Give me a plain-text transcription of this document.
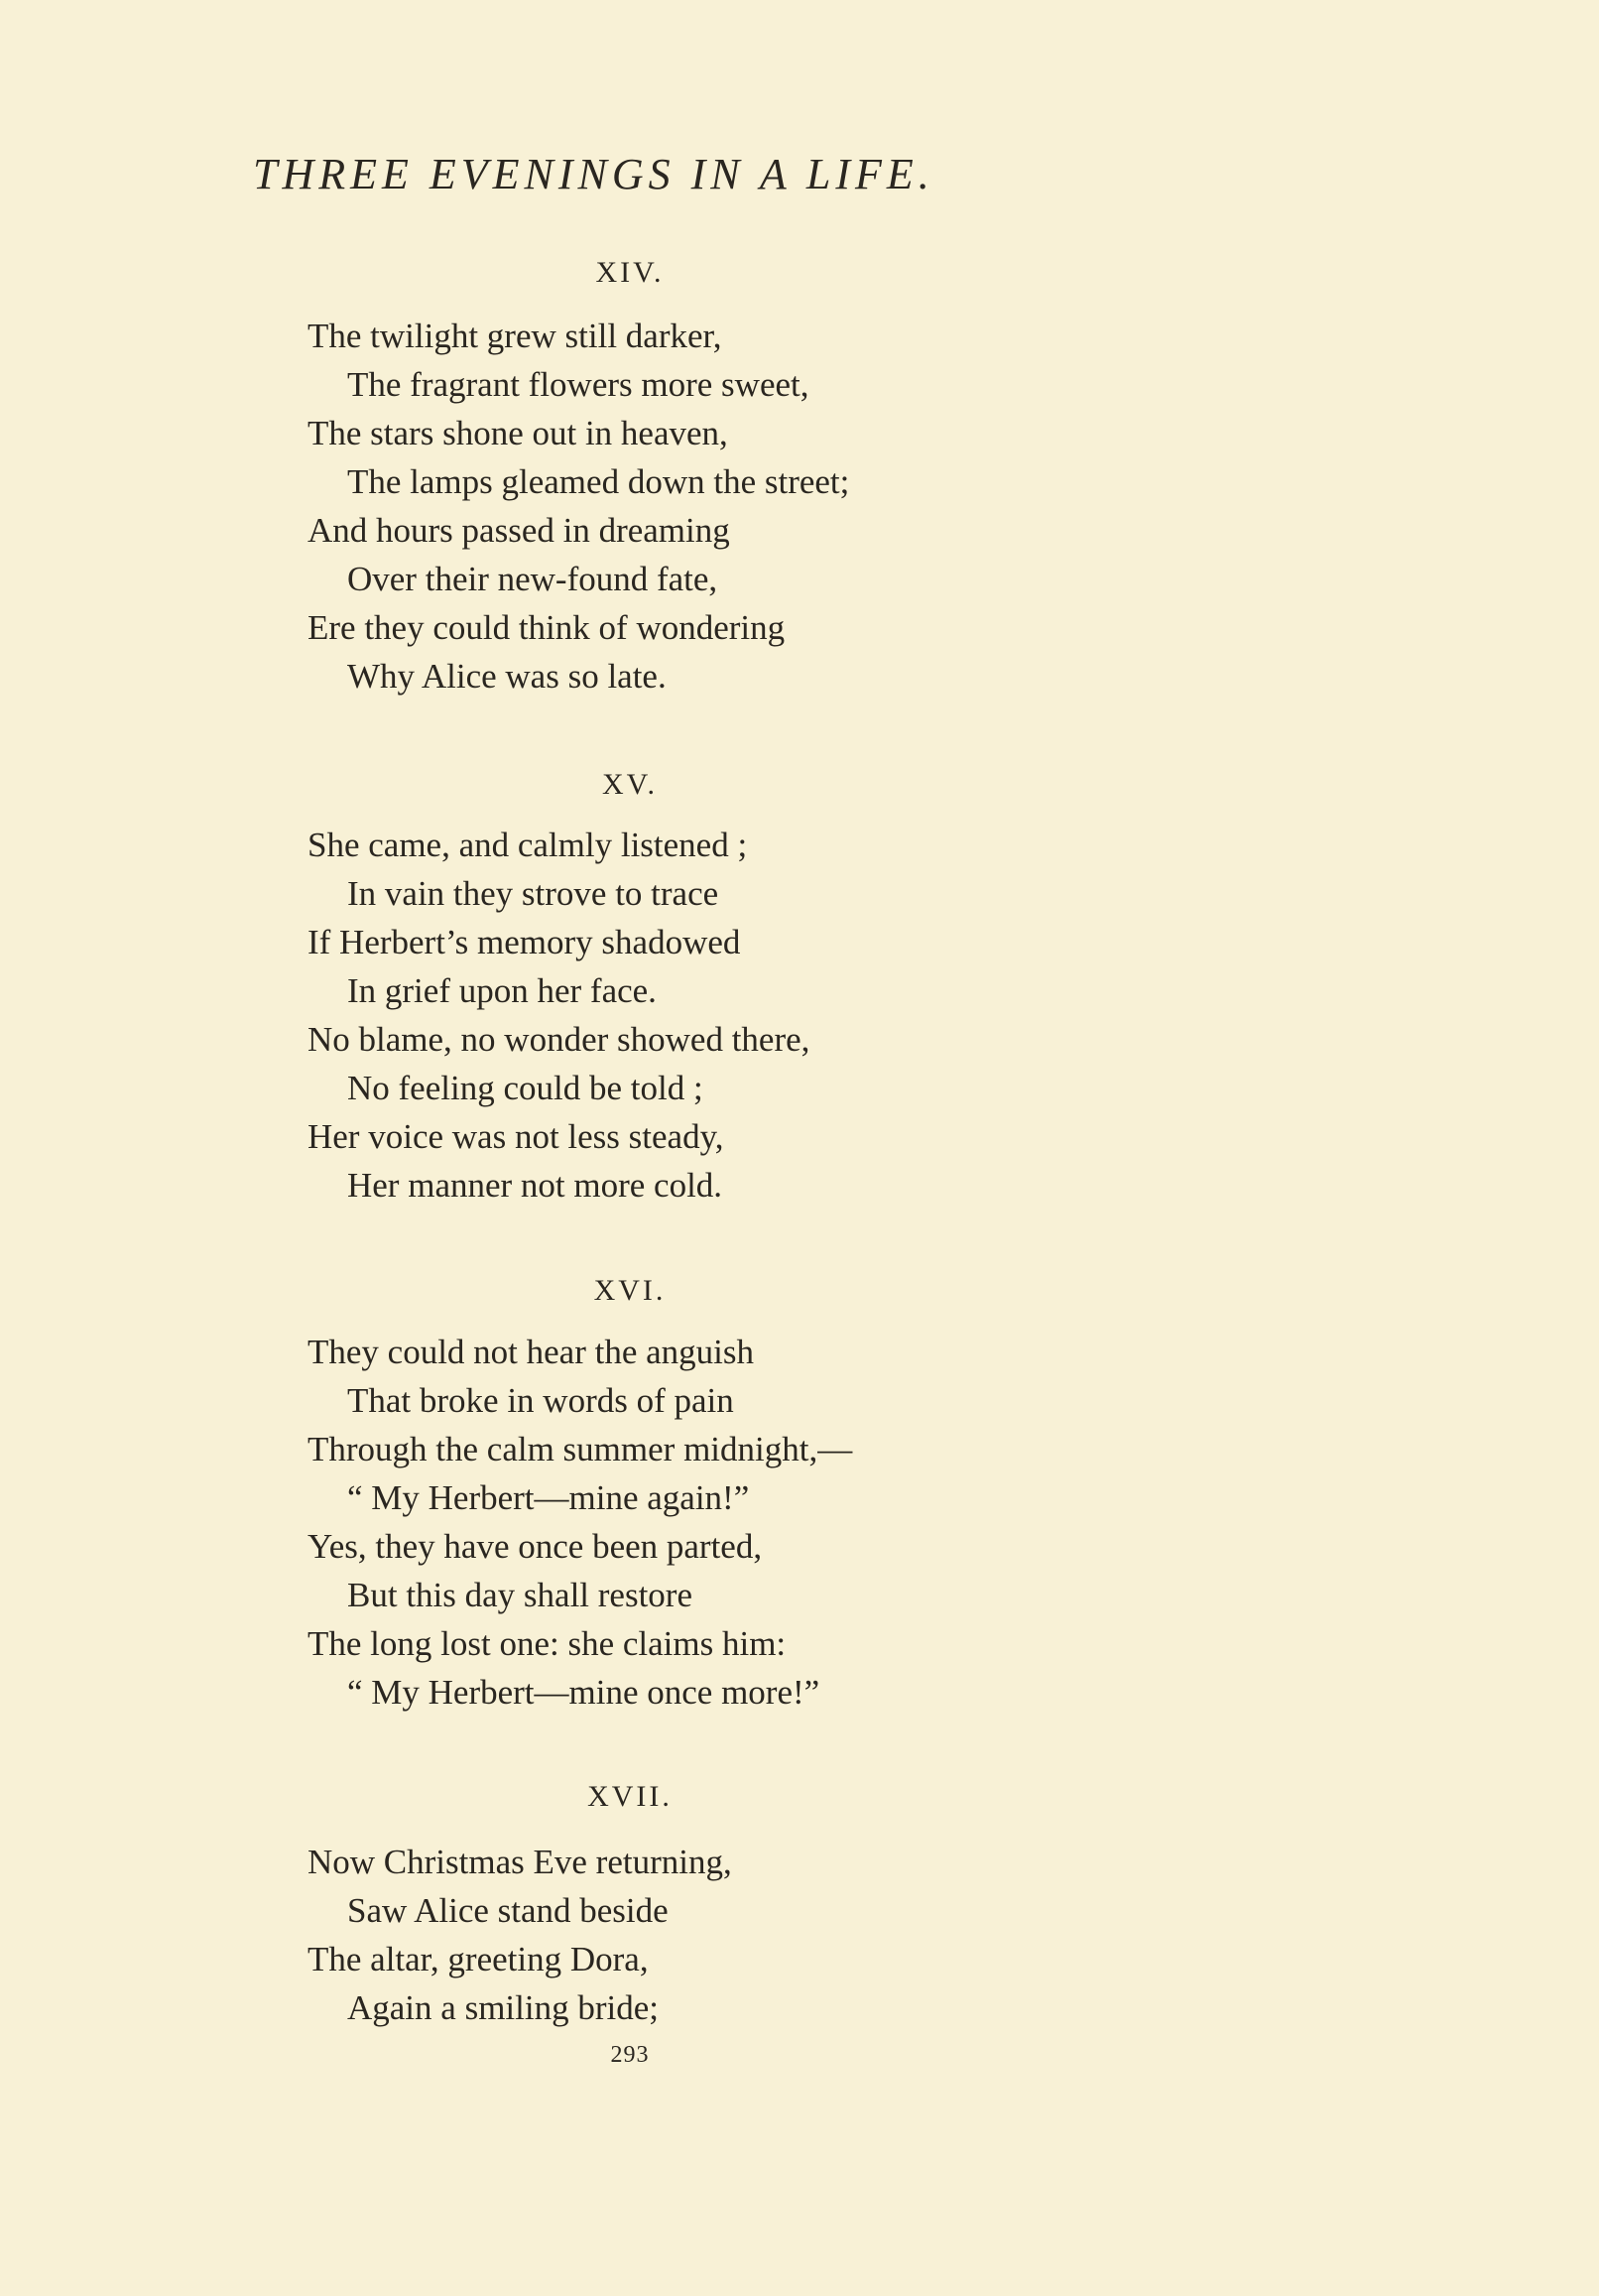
THREE EVENINGS IN A LIFE.
XIV.
The twilight grew still darker,
The fragrant flowers more sweet,
The stars shone out in heaven,
The lamps gleamed down the street;
And hours passed in dreaming
Over their new-found fate,
Ere they could think of wondering
Why Alice was so late.
XV.
She came, and calmly listened ;
In vain they strove to trace
If Herbert’s memory shadowed
In grief upon her face.
No blame, no wonder showed there,
No feeling could be told ;
Her voice was not less steady,
Her manner not more cold.
XVI.
They could not hear the anguish
That broke in words of pain
Through the calm summer midnight,—
“ My Herbert—mine again!”
Yes, they have once been parted,
But this day shall restore
The long lost one: she claims him:
“ My Herbert—mine once more!”
XVII.
Now Christmas Eve returning,
Saw Alice stand beside
The altar, greeting Dora,
Again a smiling bride;
293
